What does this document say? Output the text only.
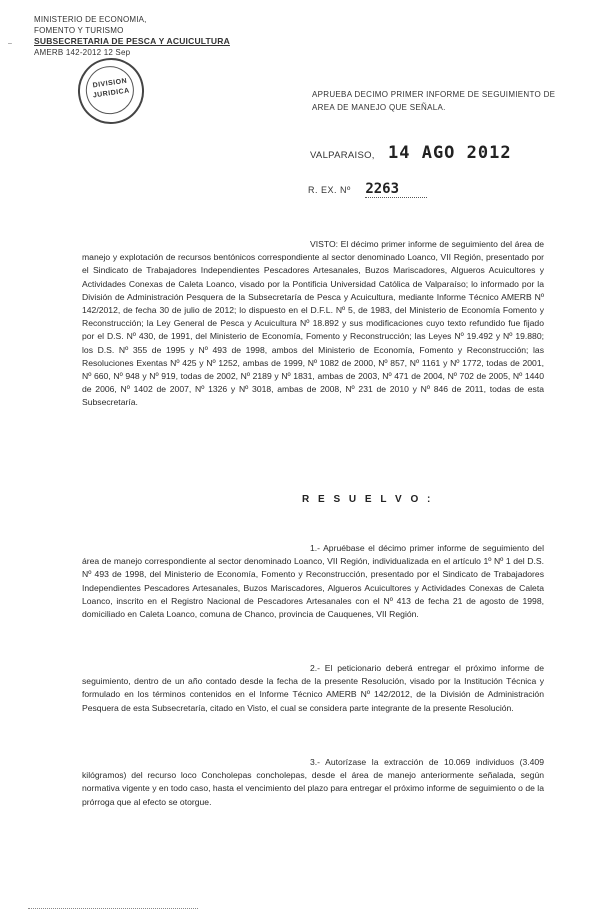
–
MINISTERIO DE ECONOMIA,
FOMENTO Y TURISMO
SUBSECRETARIA DE PESCA Y ACUICULTURA
AMERB 142-2012 12 Sep
DIVISION
JURIDICA	APRUEBA DECIMO PRIMER INFORME DE SEGUIMIENTO DE AREA DE MANEJO QUE SEÑALA.
VALPARAISO, 14 AGO 2012
R. EX. Nº 2263
VISTO: El décimo primer informe de seguimiento del área de manejo y explotación de recursos bentónicos correspondiente al sector denominado Loanco, VII Región, presentado por el Sindicato de Trabajadores Independientes Pescadores Artesanales, Buzos Mariscadores, Algueros Acuicultores y Actividades Conexas de Caleta Loanco, visado por la Pontificia Universidad Católica de Valparaíso; lo informado por la División de Administración Pesquera de la Subsecretaría de Pesca y Acuicultura, mediante Informe Técnico AMERB Nº 142/2012, de fecha 30 de julio de 2012; lo dispuesto en el D.F.L. Nº 5, de 1983, del Ministerio de Economía Fomento y Reconstrucción; la Ley General de Pesca y Acuicultura Nº 18.892 y sus modificaciones cuyo texto refundido fue fijado por el D.S. Nº 430, de 1991, del Ministerio de Economía, Fomento y Reconstrucción; las Leyes Nº 19.492 y Nº 19.880; los D.S. Nº 355 de 1995 y Nº 493 de 1998, ambos del Ministerio de Economía, Fomento y Reconstrucción; las Resoluciones Exentas Nº 425 y Nº 1252, ambas de 1999, Nº 1082 de 2000, Nº 857, Nº 1161 y Nº 1772, todas de 2001, Nº 660, Nº 948 y Nº 919, todas de 2002, Nº 2189 y Nº 1831, ambas de 2003, Nº 471 de 2004, Nº 702 de 2005, Nº 1440 de 2006, Nº 1402 de 2007, Nº 1326 y Nº 3018, ambas de 2008, Nº 231 de 2010 y Nº 846 de 2011, todas de esta Subsecretaría.
R E S U E L V O :
1.- Apruébase el décimo primer informe de seguimiento del área de manejo correspondiente al sector denominado Loanco, VII Región, individualizada en el artículo 1º Nº 1 del D.S. Nº 493 de 1998, del Ministerio de Economía, Fomento y Reconstrucción, presentado por el Sindicato de Trabajadores Independientes Pescadores Artesanales, Buzos Mariscadores, Algueros Acuicultores y Actividades Conexas de Caleta Loanco, inscrito en el Registro Nacional de Pescadores Artesanales con el Nº 413 de fecha 21 de agosto de 1998, domiciliado en Caleta Loanco, comuna de Chanco, provincia de Cauquenes, VII Región.
2.- El peticionario deberá entregar el próximo informe de seguimiento, dentro de un año contado desde la fecha de la presente Resolución, visado por la Institución Técnica y formulado en los términos contenidos en el Informe Técnico AMERB Nº 142/2012, de la División de Administración Pesquera de esta Subsecretaría, citado en Visto, el cual se considera parte integrante de la presente Resolución.
3.- Autorízase la extracción de 10.069 individuos (3.409 kilógramos) del recurso loco Concholepas concholepas, desde el área de manejo anteriormente señalada, según normativa vigente y en todo caso, hasta el vencimiento del plazo para entregar el próximo informe de seguimiento o de la prórroga que al efecto se otorgue.
